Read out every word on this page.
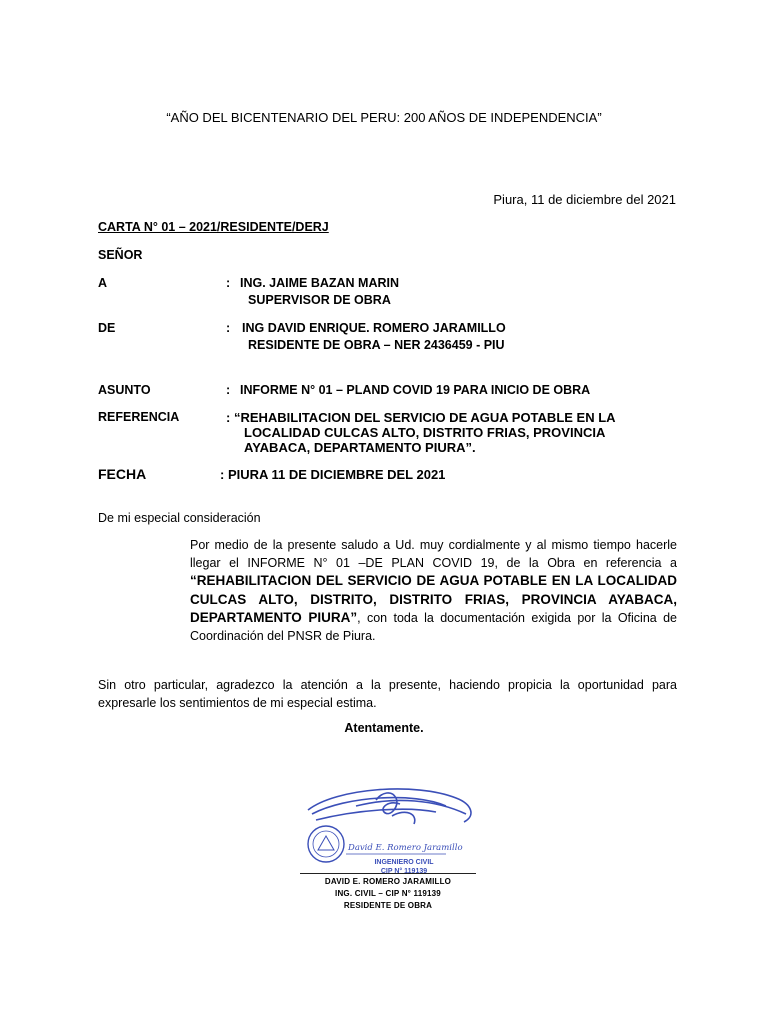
“AÑO DEL BICENTENARIO DEL PERU: 200 AÑOS DE INDEPENDENCIA”
Piura, 11 de diciembre del 2021
CARTA N° 01 – 2021/RESIDENTE/DERJ
SEÑOR
A	: ING. JAIME BAZAN MARIN
SUPERVISOR DE OBRA
DE	: ING DAVID ENRIQUE. ROMERO JARAMILLO
RESIDENTE DE OBRA – NER 2436459 - PIU
ASUNTO	: INFORME N° 01 – PLAND COVID 19 PARA INICIO DE OBRA
REFERENCIA	: “REHABILITACION DEL SERVICIO DE AGUA POTABLE EN LA
LOCALIDAD CULCAS ALTO, DISTRITO FRIAS, PROVINCIA
AYABACA, DEPARTAMENTO PIURA”.
FECHA	: PIURA 11 DE DICIEMBRE DEL 2021
De mi especial consideración
Por medio de la presente saludo a Ud. muy cordialmente y al mismo tiempo hacerle llegar el INFORME N° 01 –DE PLAN COVID 19, de la Obra en referencia a “REHABILITACION DEL SERVICIO DE AGUA POTABLE EN LA LOCALIDAD CULCAS ALTO, DISTRITO, DISTRITO FRIAS, PROVINCIA AYABACA, DEPARTAMENTO PIURA”, con toda la documentación exigida por la Oficina de Coordinación del PNSR de Piura.
Sin otro particular, agradezco la atención a la presente, haciendo propicia la oportunidad para expresarle los sentimientos de mi especial estima.
Atentamente.
David E. Romero Jaramillo
INGENIERO CIVIL
CIP N° 119139
DAVID E. ROMERO JARAMILLO
ING. CIVIL – CIP N° 119139
RESIDENTE DE OBRA
